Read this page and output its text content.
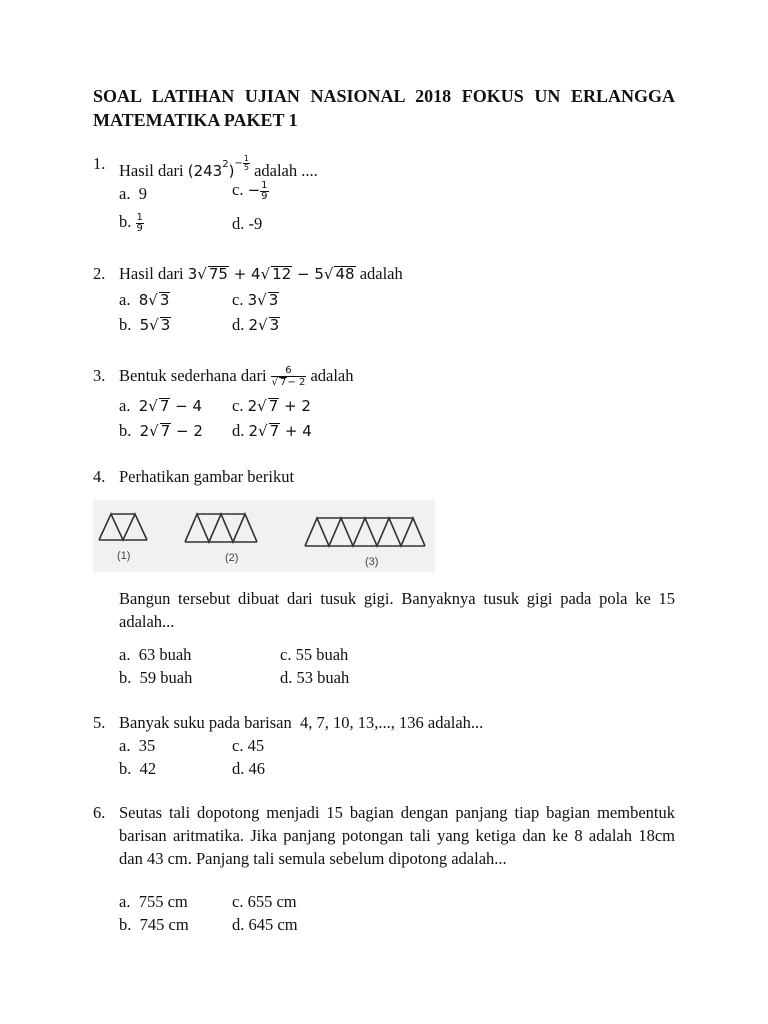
SOAL LATIHAN UJIAN NASIONAL 2018 FOKUS UN ERLANGGA
MATEMATIKA PAKET 1
1. Hasil dari $(243^2)^{- \frac{1}{5}}$ adalah ....
a. 9	c. − $\frac{1}{9}$
b. $\frac{1}{9}$	d. -9
2. Hasil dari 3√ 75 + 4√ 12 − 5√ 48 adalah
a. 8√ 3	c. 3√ 3
b. 5√ 3	d. 2√ 3
3. Bentuk sederhana dari $\frac{6}{√ 7- 2}$ adalah
a. 2√ 7 − 4 c. 2√ 7 + 2
b. 2√ 7 − 2 d. 2√ 7 + 4
4. Perhatikan gambar berikut
(1)	(2)	(3)
Bangun tersebut dibuat dari tusuk gigi. Banyaknya tusuk gigi pada pola ke 15 adalah...
a. 63 buah	c. 55 buah
b. 59 buah	d. 53 buah
5. Banyak suku pada barisan  4, 7, 10, 13,..., 136 adalah...
a. 35	c. 45
b. 42	d. 46
6. Seutas tali dopotong menjadi 15 bagian dengan panjang tiap bagian membentuk barisan aritmatika. Jika panjang potongan tali yang ketiga dan ke 8 adalah 18cm dan 43 cm. Panjang tali semula sebelum dipotong adalah...
a. 755 cm	c. 655 cm
b. 745 cm	d. 645 cm
